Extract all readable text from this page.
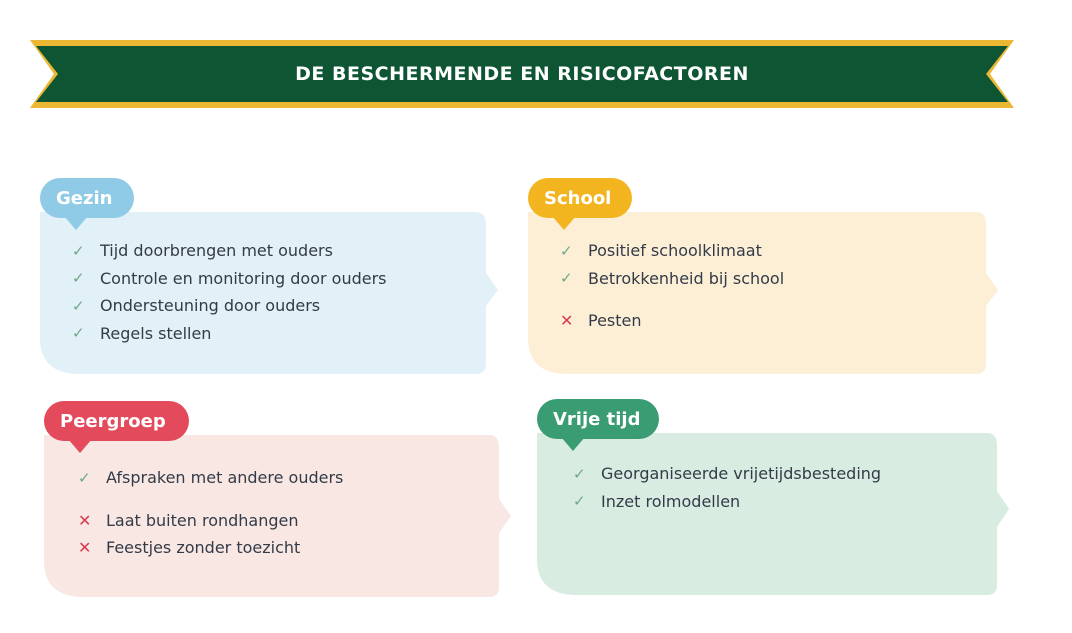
DE BESCHERMENDE EN RISICOFACTOREN
Gezin
✓ Tijd doorbrengen met ouders
✓ Controle en monitoring door ouders
✓ Ondersteuning door ouders
✓ Regels stellen
School
✓ Positief schoolklimaat
✓ Betrokkenheid bij school
✕ Pesten
Peergroep
✓ Afspraken met andere ouders
✕ Laat buiten rondhangen
✕ Feestjes zonder toezicht
Vrije tijd
✓ Georganiseerde vrijetijdsbesteding
✓ Inzet rolmodellen
